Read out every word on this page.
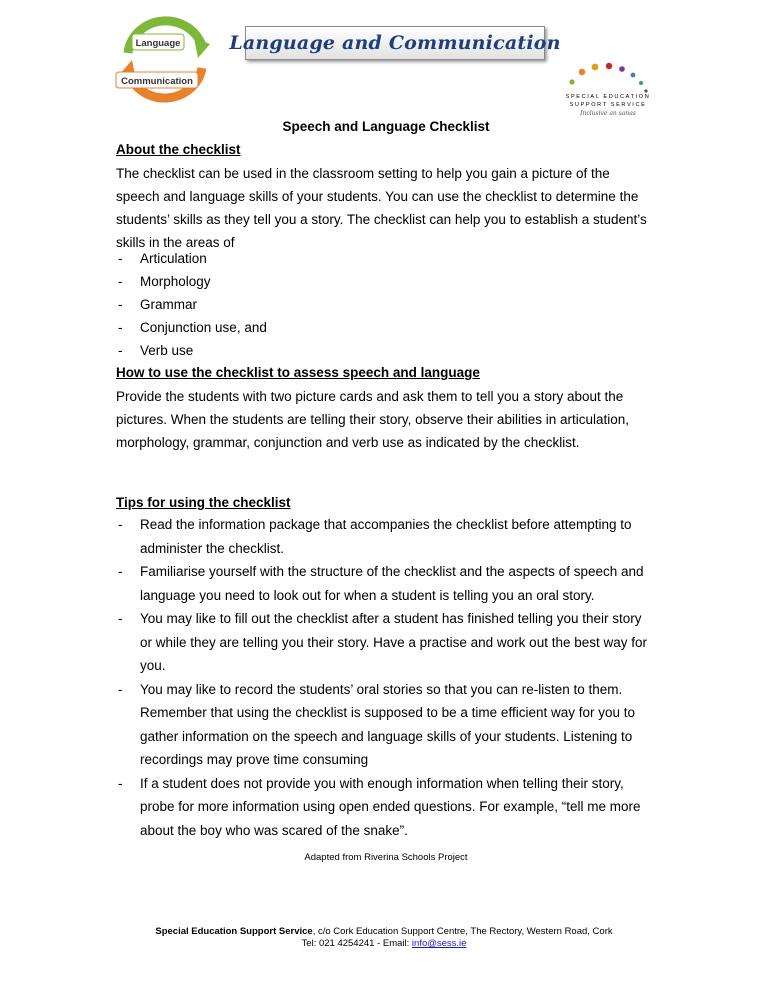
Language
Communication
Language and Communication
SPECIAL EDUCATION
SUPPORT SERVICE
Inclusive an sanas
Speech and Language Checklist
About the checklist
The checklist can be used in the classroom setting to help you gain a picture of the speech and language skills of your students. You can use the checklist to determine the students’ skills as they tell you a story. The checklist can help you to establish a student’s skills in the areas of
-	Articulation
-	Morphology
-	Grammar
-	Conjunction use, and
-	Verb use
How to use the checklist to assess speech and language
Provide the students with two picture cards and ask them to tell you a story about the pictures. When the students are telling their story, observe their abilities in articulation, morphology, grammar, conjunction and verb use as indicated by the checklist.
Tips for using the checklist
-	Read the information package that accompanies the checklist before attempting to administer the checklist.
-	Familiarise yourself with the structure of the checklist and the aspects of speech and language you need to look out for when a student is telling you an oral story.
-	You may like to fill out the checklist after a student has finished telling you their story or while they are telling you their story. Have a practise and work out the best way for you.
-	You may like to record the students’ oral stories so that you can re-listen to them. Remember that using the checklist is supposed to be a time efficient way for you to gather information on the speech and language skills of your students. Listening to recordings may prove time consuming
-	If a student does not provide you with enough information when telling their story, probe for more information using open ended questions. For example, “tell me more about the boy who was scared of the snake”.
Adapted from Riverina Schools Project
Special Education Support Service, c/o Cork Education Support Centre, The Rectory, Western Road, Cork
Tel: 021 4254241 - Email: info@sess.ie
